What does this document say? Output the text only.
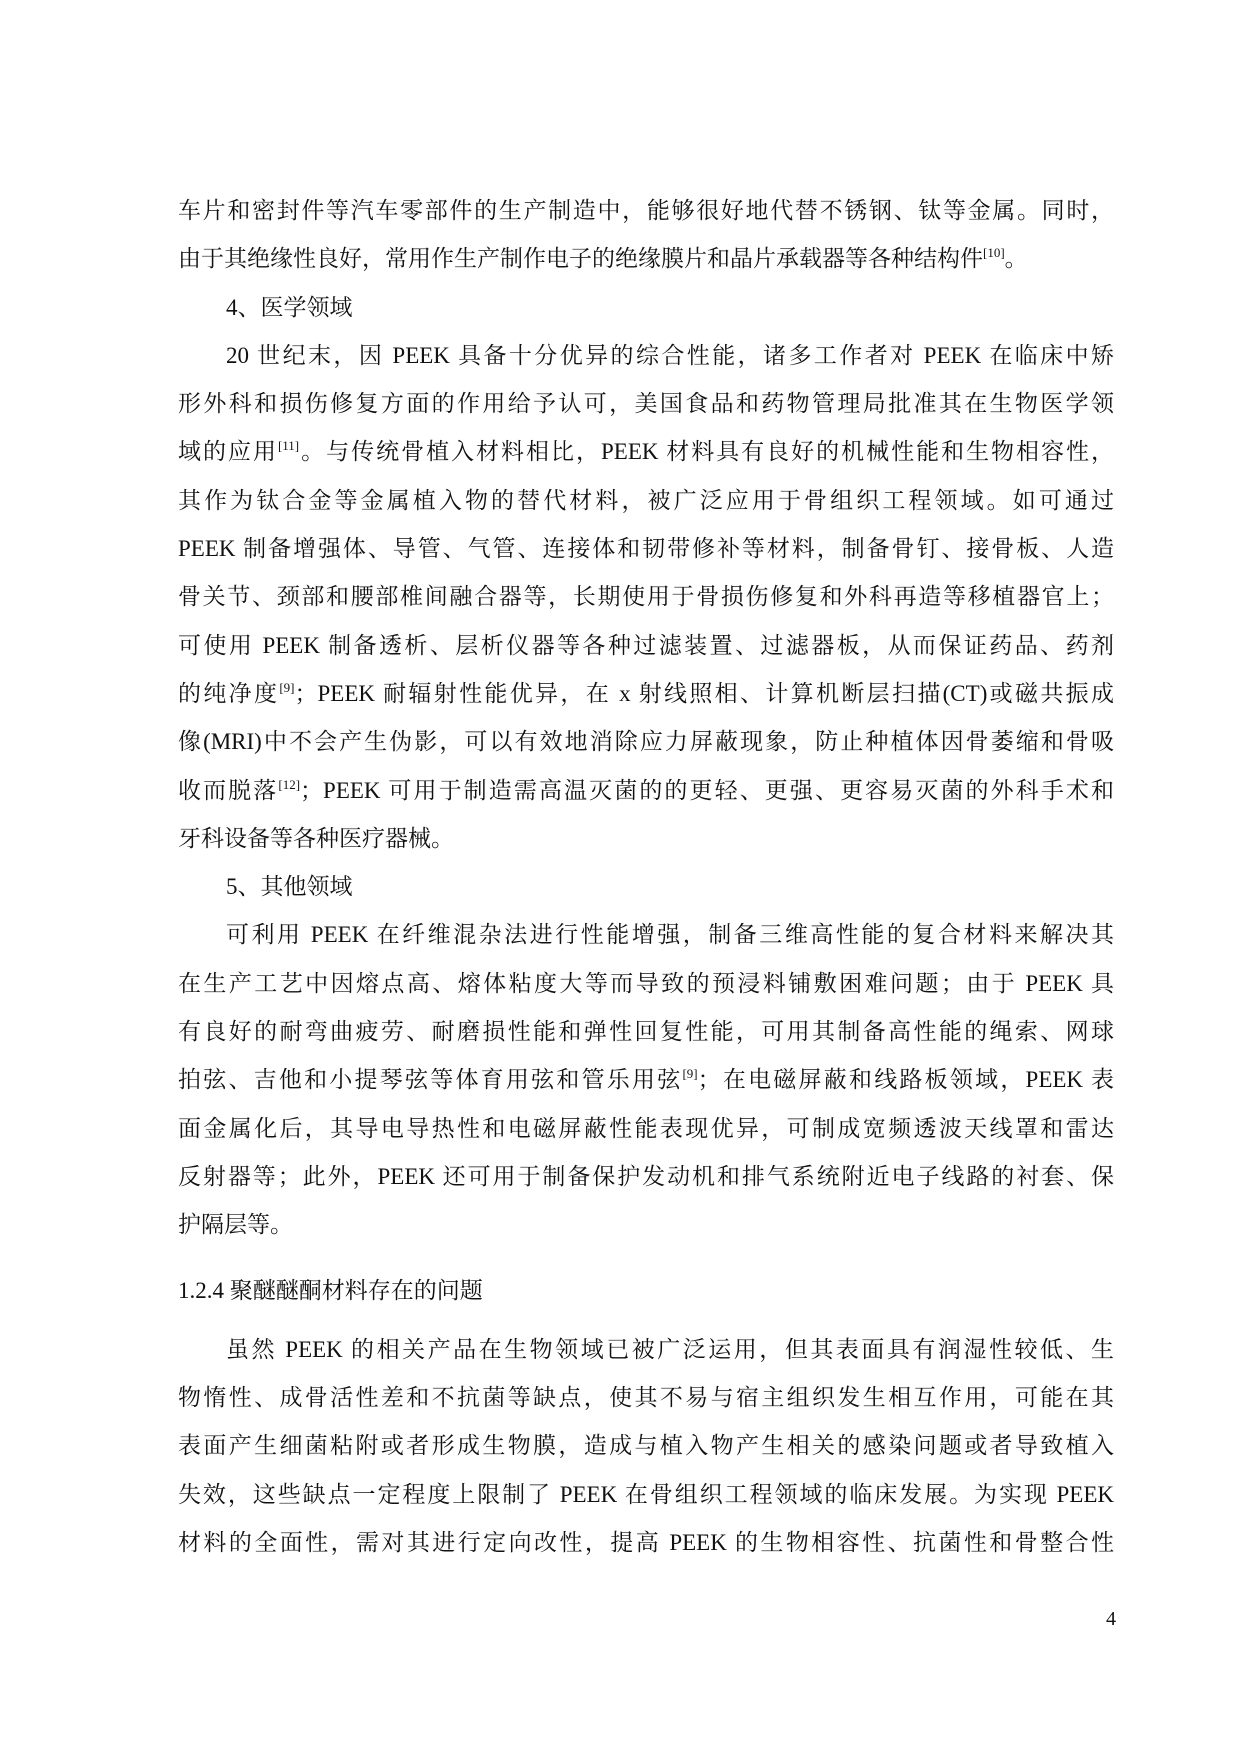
车片和密封件等汽车零部件的生产制造中，能够很好地代替不锈钢、钛等金属。同时，
由于其绝缘性良好，常用作生产制作电子的绝缘膜片和晶片承载器等各种结构件[10]。
4、医学领域
20 世纪末，因 PEEK 具备十分优异的综合性能，诸多工作者对 PEEK 在临床中矫
形外科和损伤修复方面的作用给予认可，美国食品和药物管理局批准其在生物医学领
域的应用[11]。与传统骨植入材料相比，PEEK 材料具有良好的机械性能和生物相容性，
其作为钛合金等金属植入物的替代材料，被广泛应用于骨组织工程领域。如可通过
PEEK 制备增强体、导管、气管、连接体和韧带修补等材料，制备骨钉、接骨板、人造
骨关节、颈部和腰部椎间融合器等，长期使用于骨损伤修复和外科再造等移植器官上；
可使用 PEEK 制备透析、层析仪器等各种过滤装置、过滤器板，从而保证药品、药剂
的纯净度[9]；PEEK 耐辐射性能优异，在 x 射线照相、计算机断层扫描(CT)或磁共振成
像(MRI)中不会产生伪影，可以有效地消除应力屏蔽现象，防止种植体因骨萎缩和骨吸
收而脱落[12]；PEEK 可用于制造需高温灭菌的的更轻、更强、更容易灭菌的外科手术和
牙科设备等各种医疗器械。
5、其他领域
可利用 PEEK 在纤维混杂法进行性能增强，制备三维高性能的复合材料来解决其
在生产工艺中因熔点高、熔体粘度大等而导致的预浸料铺敷困难问题；由于 PEEK 具
有良好的耐弯曲疲劳、耐磨损性能和弹性回复性能，可用其制备高性能的绳索、网球
拍弦、吉他和小提琴弦等体育用弦和管乐用弦[9]；在电磁屏蔽和线路板领域，PEEK 表
面金属化后，其导电导热性和电磁屏蔽性能表现优异，可制成宽频透波天线罩和雷达
反射器等；此外，PEEK 还可用于制备保护发动机和排气系统附近电子线路的衬套、保
护隔层等。
1.2.4 聚醚醚酮材料存在的问题
虽然 PEEK 的相关产品在生物领域已被广泛运用，但其表面具有润湿性较低、生
物惰性、成骨活性差和不抗菌等缺点，使其不易与宿主组织发生相互作用，可能在其
表面产生细菌粘附或者形成生物膜，造成与植入物产生相关的感染问题或者导致植入
失效，这些缺点一定程度上限制了 PEEK 在骨组织工程领域的临床发展。为实现 PEEK
材料的全面性，需对其进行定向改性，提高 PEEK 的生物相容性、抗菌性和骨整合性
4
